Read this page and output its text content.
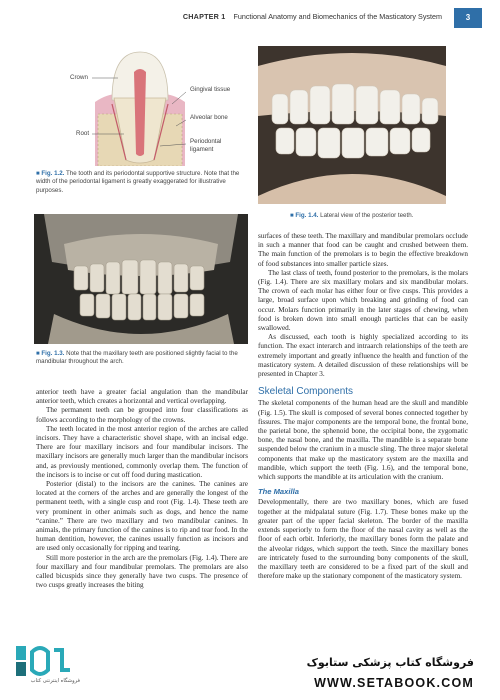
CHAPTER 1 Functional Anatomy and Biomechanics of the Masticatory System	3
Crown
Gingival tissue
Alveolar bone
Root
Periodontal ligament
■ Fig. 1.2. The tooth and its periodontal supportive structure. Note that the width of the periodontal ligament is greatly exaggerated for illustrative purposes.
■ Fig. 1.4. Lateral view of the posterior teeth.
■ Fig. 1.3. Note that the maxillary teeth are positioned slightly facial to the mandibular throughout the arch.

anterior teeth have a greater facial angulation than the mandibular anterior teeth, which creates a horizontal and vertical overlapping.

The permanent teeth can be grouped into four classifications as follows according to the morphology of the crowns.

The teeth located in the most anterior region of the arches are called incisors. They have a characteristic shovel shape, with an incisal edge. There are four maxillary incisors and four mandibular incisors. The maxillary incisors are generally much larger than the mandibular incisors and, as previously mentioned, commonly overlap them. The function of the incisors is to incise or cut off food during mastication.

Posterior (distal) to the incisors are the canines. The canines are located at the corners of the arches and are generally the longest of the permanent teeth, with a single cusp and root (Fig. 1.4). These teeth are very prominent in other animals such as dogs, and hence the name “canine.” There are two maxillary and two mandibular canines. In animals, the primary function of the canines is to rip and tear food. In the human dentition, however, the canines usually function as incisors and are used only occasionally for ripping and tearing.

Still more posterior in the arch are the premolars (Fig. 1.4). There are four maxillary and four mandibular premolars. The premolars are also called bicuspids since they generally have two cusps. The presence of two cusps greatly increases the biting

surfaces of these teeth. The maxillary and mandibular premolars occlude in such a manner that food can be caught and crushed between them. The main function of the premolars is to begin the effective breakdown of food substances into smaller particle sizes.

The last class of teeth, found posterior to the premolars, is the molars (Fig. 1.4). There are six maxillary molars and six mandibular molars. The crown of each molar has either four or five cusps. This provides a large, broad surface upon which breaking and grinding of food can occur. Molars function primarily in the later stages of chewing, when food is broken down into small enough particles that can be easily swallowed.

As discussed, each tooth is highly specialized according to its function. The exact interarch and intraarch relationships of the teeth are extremely important and greatly influence the health and function of the masticatory system. A detailed discussion of these relationships will be presented in Chapter 3.

Skeletal Components

The skeletal components of the human head are the skull and mandible (Fig. 1.5). The skull is composed of several bones connected together by fissures. The major components are the temporal bone, the frontal bone, the parietal bone, the sphenoid bone, the occipital bone, the zygomatic bone, the nasal bone, and the maxilla. The mandible is a separate bone suspended below the cranium in a muscle sling. The three major skeletal components that make up the masticatory system are the maxilla and mandible, which support the teeth (Fig. 1.6), and the temporal bone, which supports the mandible at its articulation with the cranium.

The Maxilla

Developmentally, there are two maxillary bones, which are fused together at the midpalatal suture (Fig. 1.7). These bones make up the greater part of the upper facial skeleton. The border of the maxilla extends superiorly to form the floor of the nasal cavity as well as the floor of each orbit. Inferiorly, the maxillary bones form the palate and the alveolar ridges, which support the teeth. Since the maxillary bones are intricately fused to the surrounding bony components of the skull, the maxillary teeth are considered to be a fixed part of the skull and therefore make up the stationary component of the masticatory system.

فروشگاه اینترنتی کتاب
فروشگاه کتاب پزشکی ستابوک
WWW.SETABOOK.COM
